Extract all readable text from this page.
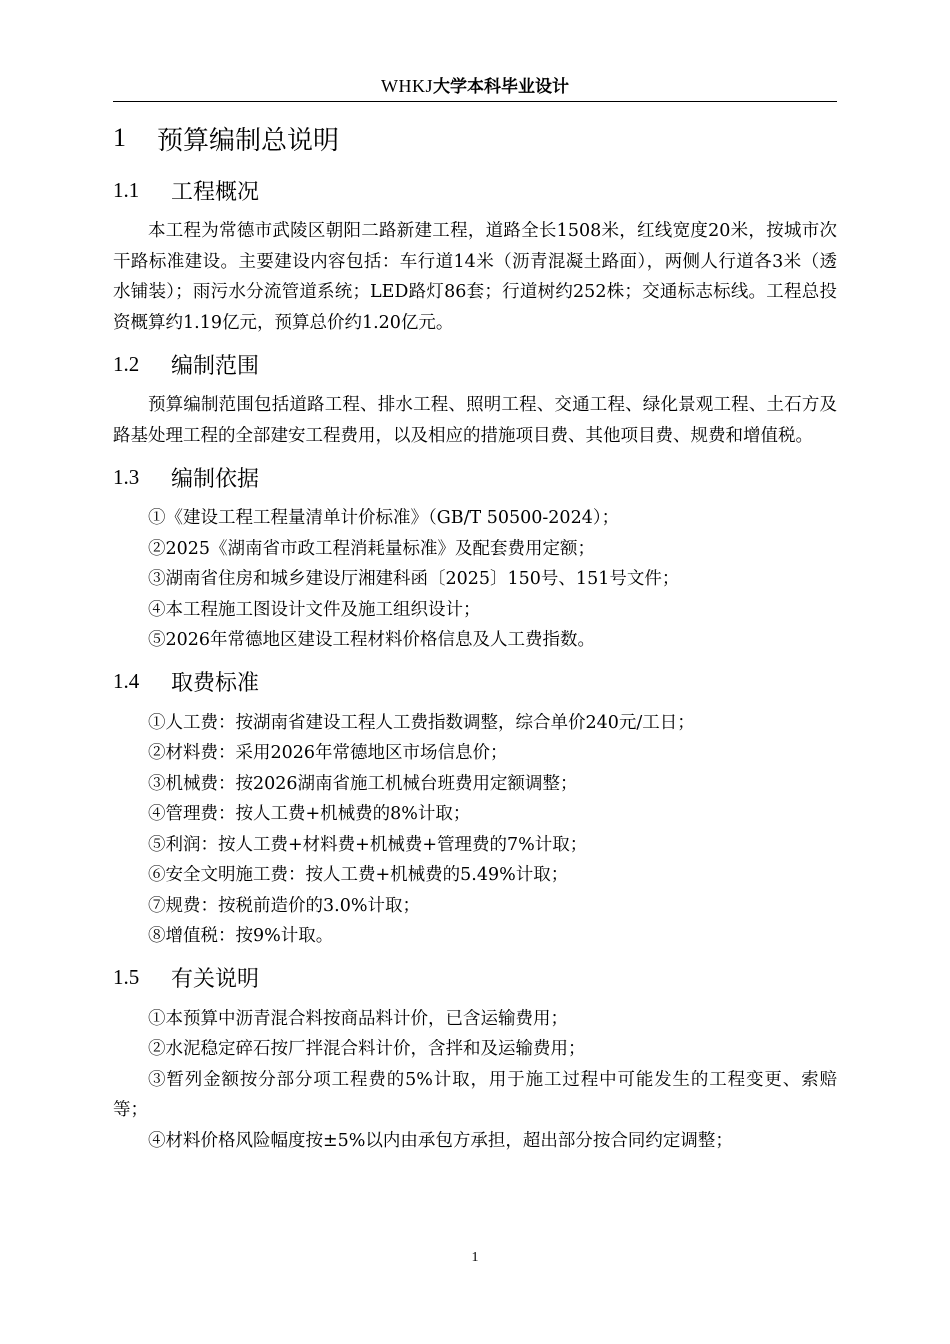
WHKJ大学本科毕业设计
1	预算编制总说明
1.1	工程概况

本工程为常德市武陵区朝阳二路新建工程，道路全长1508米，红线宽度20米，按城市次干路标准建设。主要建设内容包括：车行道14米（沥青混凝土路面），两侧人行道各3米（透水铺装）；雨污水分流管道系统；LED路灯86套；行道树约252株；交通标志标线。工程总投资概算约1.19亿元，预算总价约1.20亿元。

1.2	编制范围

预算编制范围包括道路工程、排水工程、照明工程、交通工程、绿化景观工程、土石方及路基处理工程的全部建安工程费用，以及相应的措施项目费、其他项目费、规费和增值税。

1.3	编制依据

①《建设工程工程量清单计价标准》（GB/T 50500-2024）；

②2025《湖南省市政工程消耗量标准》及配套费用定额；

③湖南省住房和城乡建设厅湘建科函〔2025〕150号、151号文件；

④本工程施工图设计文件及施工组织设计；

⑤2026年常德地区建设工程材料价格信息及人工费指数。

1.4	取费标准

①人工费：按湖南省建设工程人工费指数调整，综合单价240元/工日；

②材料费：采用2026年常德地区市场信息价；

③机械费：按2026湖南省施工机械台班费用定额调整；

④管理费：按人工费+机械费的8%计取；

⑤利润：按人工费+材料费+机械费+管理费的7%计取；

⑥安全文明施工费：按人工费+机械费的5.49%计取；

⑦规费：按税前造价的3.0%计取；

⑧增值税：按9%计取。

1.5	有关说明

①本预算中沥青混合料按商品料计价，已含运输费用；

②水泥稳定碎石按厂拌混合料计价，含拌和及运输费用；

③暂列金额按分部分项工程费的5%计取，用于施工过程中可能发生的工程变更、索赔等；

④材料价格风险幅度按±5%以内由承包方承担，超出部分按合同约定调整；

1
